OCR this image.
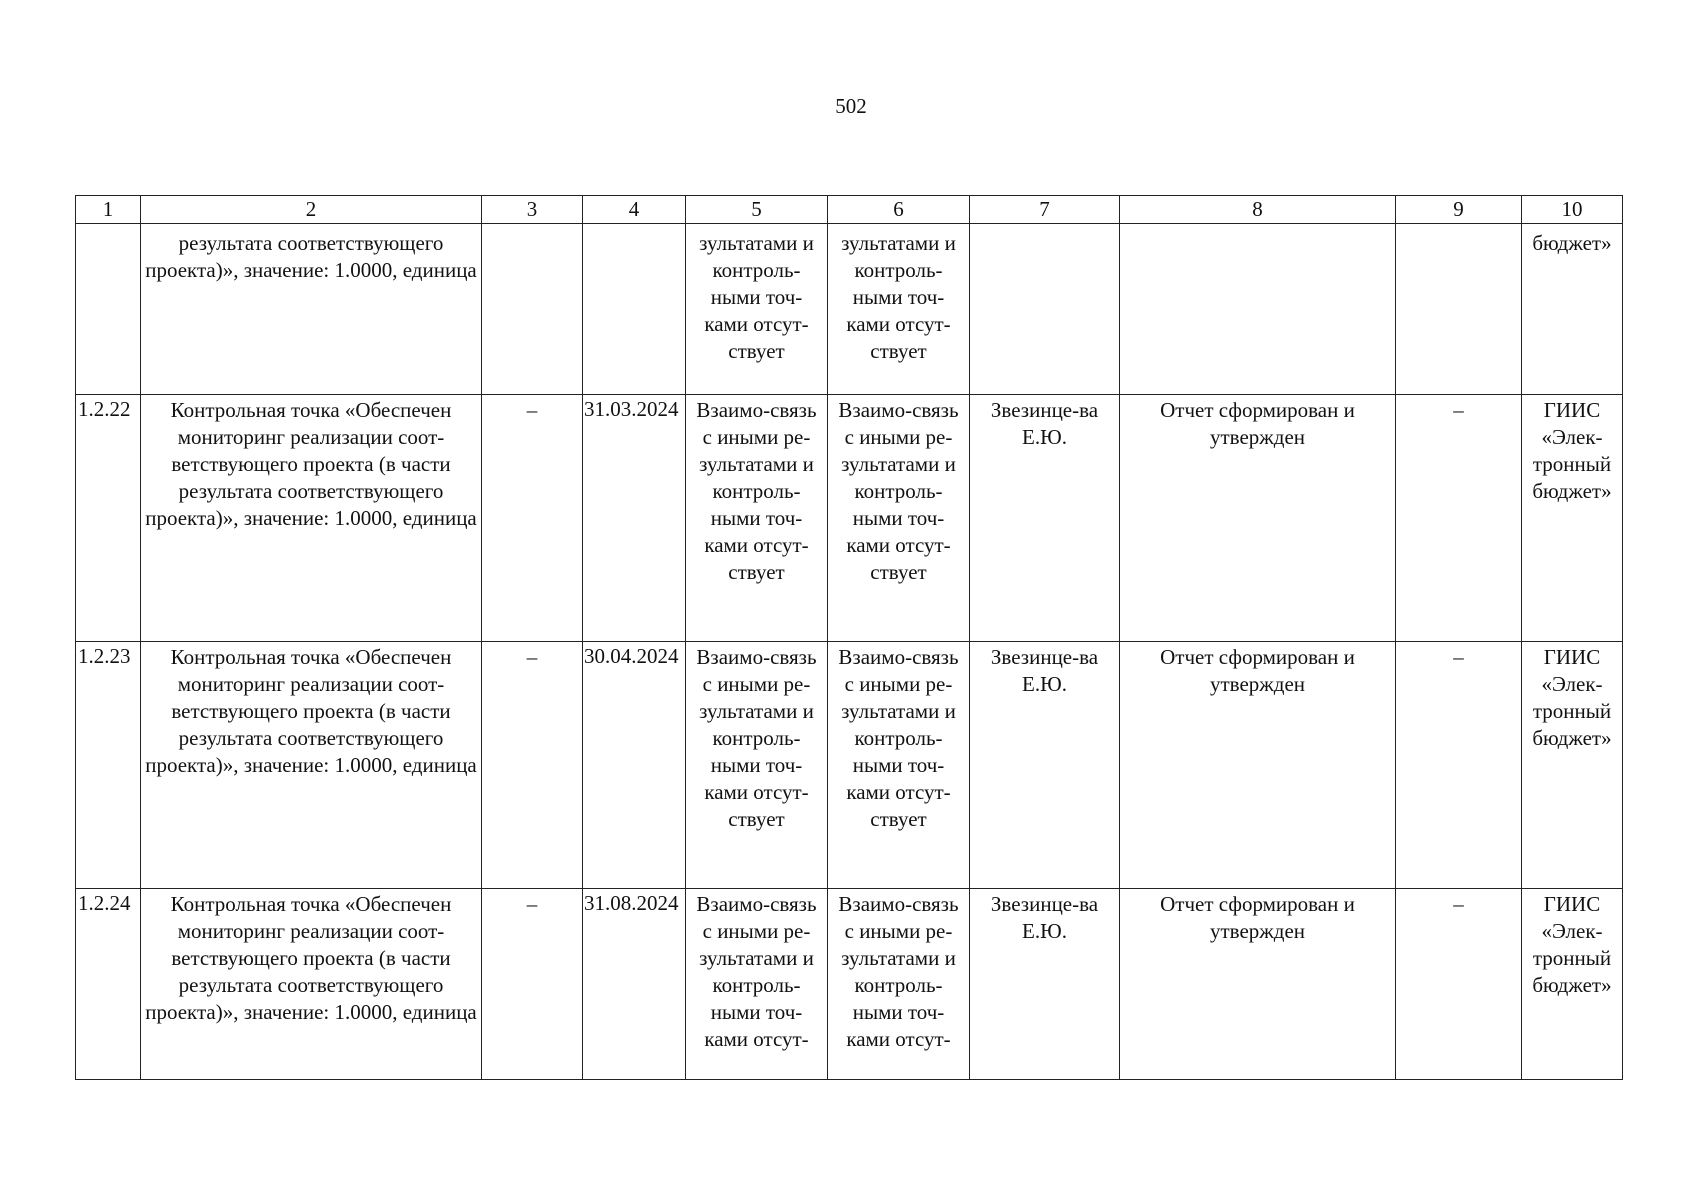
502
1	2	3	4	5	6	7	8	9	10
	результата соответствующего проекта)», значение: 1.0000, единица			зультатами и контроль-ными точ-ками отсут-ствует	зультатами и контроль-ными точ-ками отсут-ствует				бюджет»
1.2.22	Контрольная точка «Обеспечен мониторинг реализации соот-ветствующего проекта (в части результата соответствующего проекта)», значение: 1.0000, единица	–	31.03.2024	Взаимо-связь с иными ре-зультатами и контроль-ными точ-ками отсут-ствует	Взаимо-связь с иными ре-зультатами и контроль-ными точ-ками отсут-ствует	Звезинце-ва Е.Ю.	Отчет сформирован и утвержден	–	ГИИС «Элек-тронный бюджет»
1.2.23	Контрольная точка «Обеспечен мониторинг реализации соот-ветствующего проекта (в части результата соответствующего проекта)», значение: 1.0000, единица	–	30.04.2024	Взаимо-связь с иными ре-зультатами и контроль-ными точ-ками отсут-ствует	Взаимо-связь с иными ре-зультатами и контроль-ными точ-ками отсут-ствует	Звезинце-ва Е.Ю.	Отчет сформирован и утвержден	–	ГИИС «Элек-тронный бюджет»
1.2.24	Контрольная точка «Обеспечен мониторинг реализации соот-ветствующего проекта (в части результата соответствующего проекта)», значение: 1.0000, единица	–	31.08.2024	Взаимо-связь с иными ре-зультатами и контроль-ными точ-ками отсут-	Взаимо-связь с иными ре-зультатами и контроль-ными точ-ками отсут-	Звезинце-ва Е.Ю.	Отчет сформирован и утвержден	–	ГИИС «Элек-тронный бюджет»
